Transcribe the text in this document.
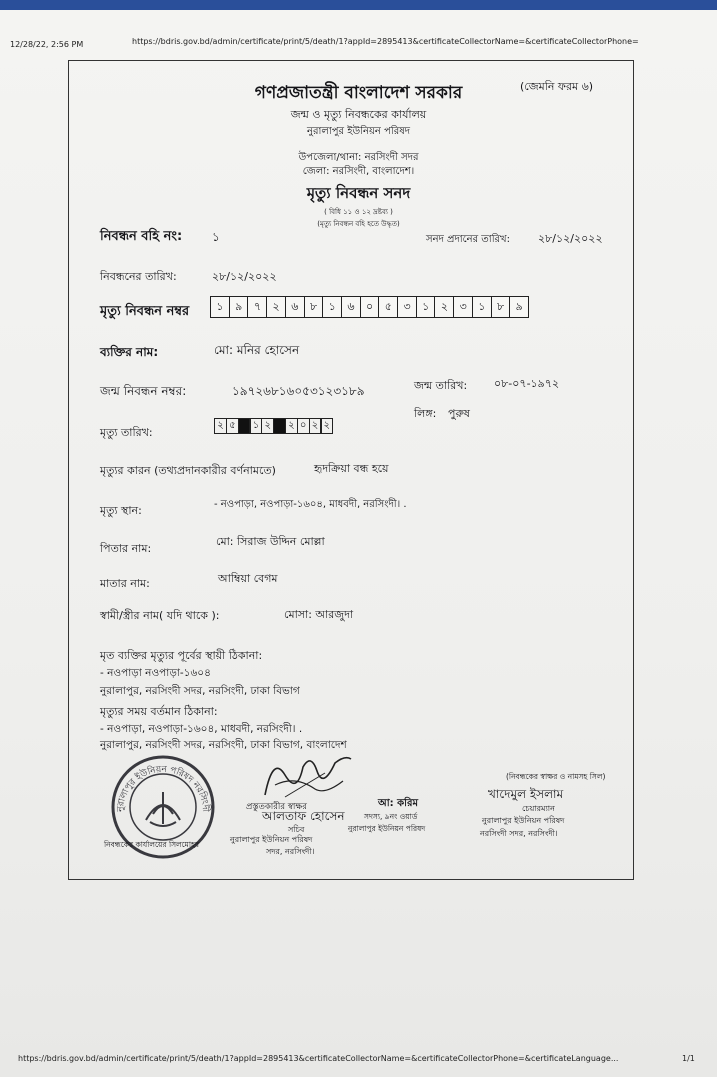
12/28/22, 2:56 PM	https://bdris.gov.bd/admin/certificate/print/5/death/1?appId=2895413&certificateCollectorName=&certificateCollectorPhone=
(জেমনি ফরম ৬)
গণপ্রজাতন্ত্রী বাংলাদেশ সরকার
জন্ম ও মৃত্যু নিবন্ধকের কার্যালয়
নুরালাপুর ইউনিয়ন পরিষদ
উপজেলা/থানা: নরসিংদী সদর
জেলা: নরসিংদী, বাংলাদেশ।
মৃত্যু নিবন্ধন সনদ
( বিধি ১১ ও ১২ দ্রষ্টব্য )
(মৃত্যু নিবন্ধন বহি হতে উদ্ধৃত)
নিবন্ধন বহি নং: ১	সনদ প্রদানের তারিখ:	২৮/১২/২০২২
নিবন্ধনের তারিখ:	২৮/১২/২০২২
মৃত্যু নিবন্ধন নম্বর	১	৯	৭	২	৬	৮	১	৬	০	৫	৩	১	২	৩	১	৮	৯
ব্যক্তির নাম:	মো: মনির হোসেন
জন্ম নিবন্ধন নম্বর:	১৯৭২৬৮১৬০৫৩১২৩১৮৯	জন্ম তারিখ: ০৮-০৭-১৯৭২
লিঙ্গ: পুরুষ
মৃত্যু তারিখ:
২ ৫	১ ২	২ ০ ২ ২
মৃত্যুর কারন (তথ্যপ্রদানকারীর বর্ণনামতে)	হৃদক্রিয়া বন্ধ হয়ে
মৃত্যু স্থান:	- নওপাড়া, নওপাড়া-১৬০৪, মাধবদী, নরসিংদী। .
পিতার নাম:
মো: সিরাজ উদ্দিন মোল্লা
মাতার নাম:	আম্বিয়া বেগম
স্বামী/স্ত্রীর নাম( যদি থাকে ):	মোসা: আরজুদা
মৃত ব্যক্তির মৃত্যুর পূর্বের স্থায়ী ঠিকানা:
- নওপাড়া নওপাড়া-১৬০৪
নুরালাপুর, নরসিংদী সদর, নরসিংদী, ঢাকা বিভাগ
মৃত্যুর সময় বর্তমান ঠিকানা:
- নওপাড়া, নওপাড়া-১৬০৪, মাধবদী, নরসিংদী। .
নুরালাপুর, নরসিংদী সদর, নরসিংদী, ঢাকা বিভাগ, বাংলাদেশ
নুরালাপুর ইউনিয়ন পরিষদ নরসিংদী	প্রস্তুতকারীর স্বাক্ষর
আলতাফ হোসেন
সচিব
নুরালাপুর ইউনিয়ন পরিষদ
সদর, নরসিংদী।
আ: করিম
সদস্য, ৯নং ওয়ার্ড
নুরালাপুর ইউনিয়ন পরিষদ
(নিবন্ধকের স্বাক্ষর ও নামসহ সিল)
খাদেমুল ইসলাম
চেয়ারম্যান
নুরালাপুর ইউনিয়ন পরিষদ
নরসিংদী সদর, নরসিংদী।
নিবন্ধকের কার্যালয়ের সিলমোহর
https://bdris.gov.bd/admin/certificate/print/5/death/1?appId=2895413&certificateCollectorName=&certificateCollectorPhone=&certificateLanguage...	1/1
